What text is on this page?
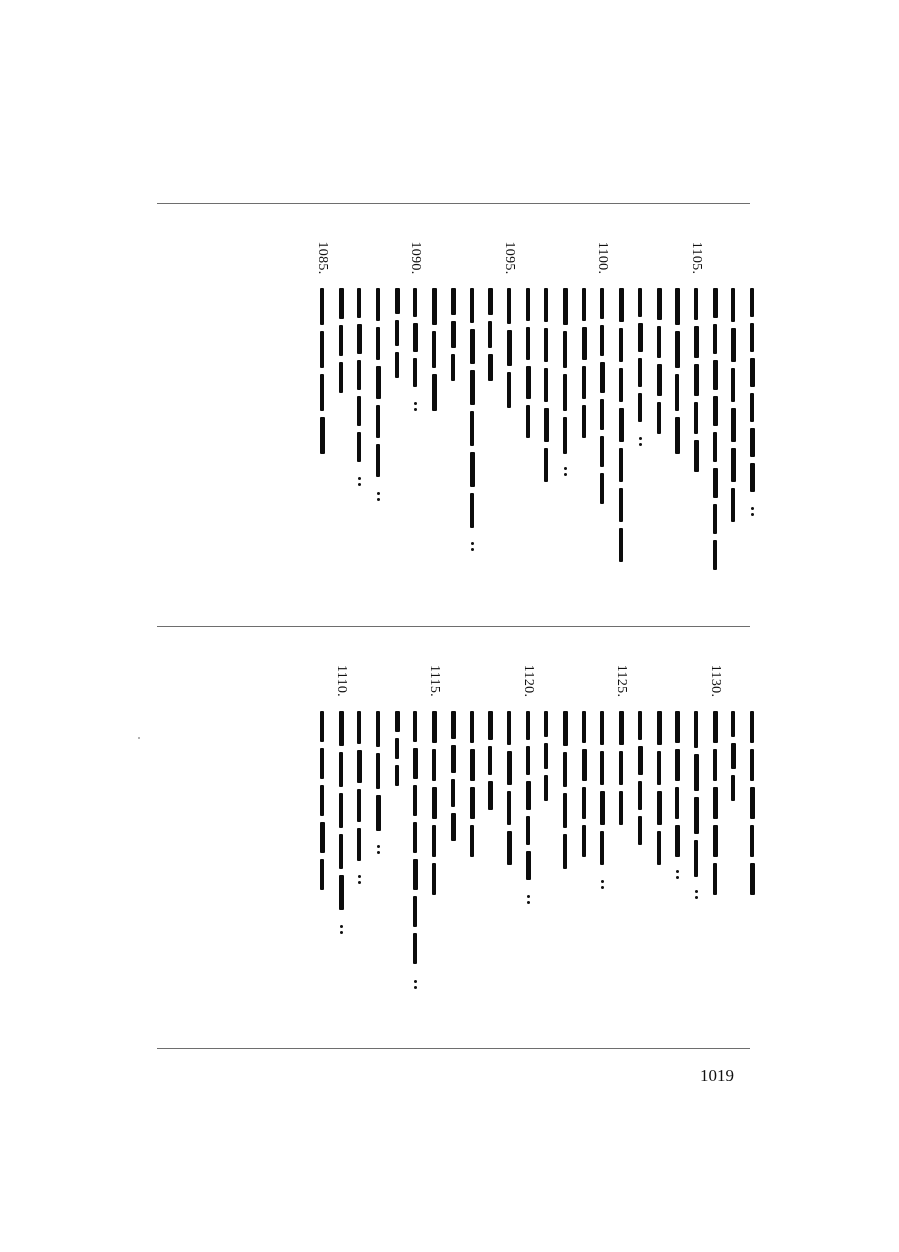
1105.
1100.
1095.
1090.
1085.
1130.
1125.
1120.
1115.
1110.
1019
